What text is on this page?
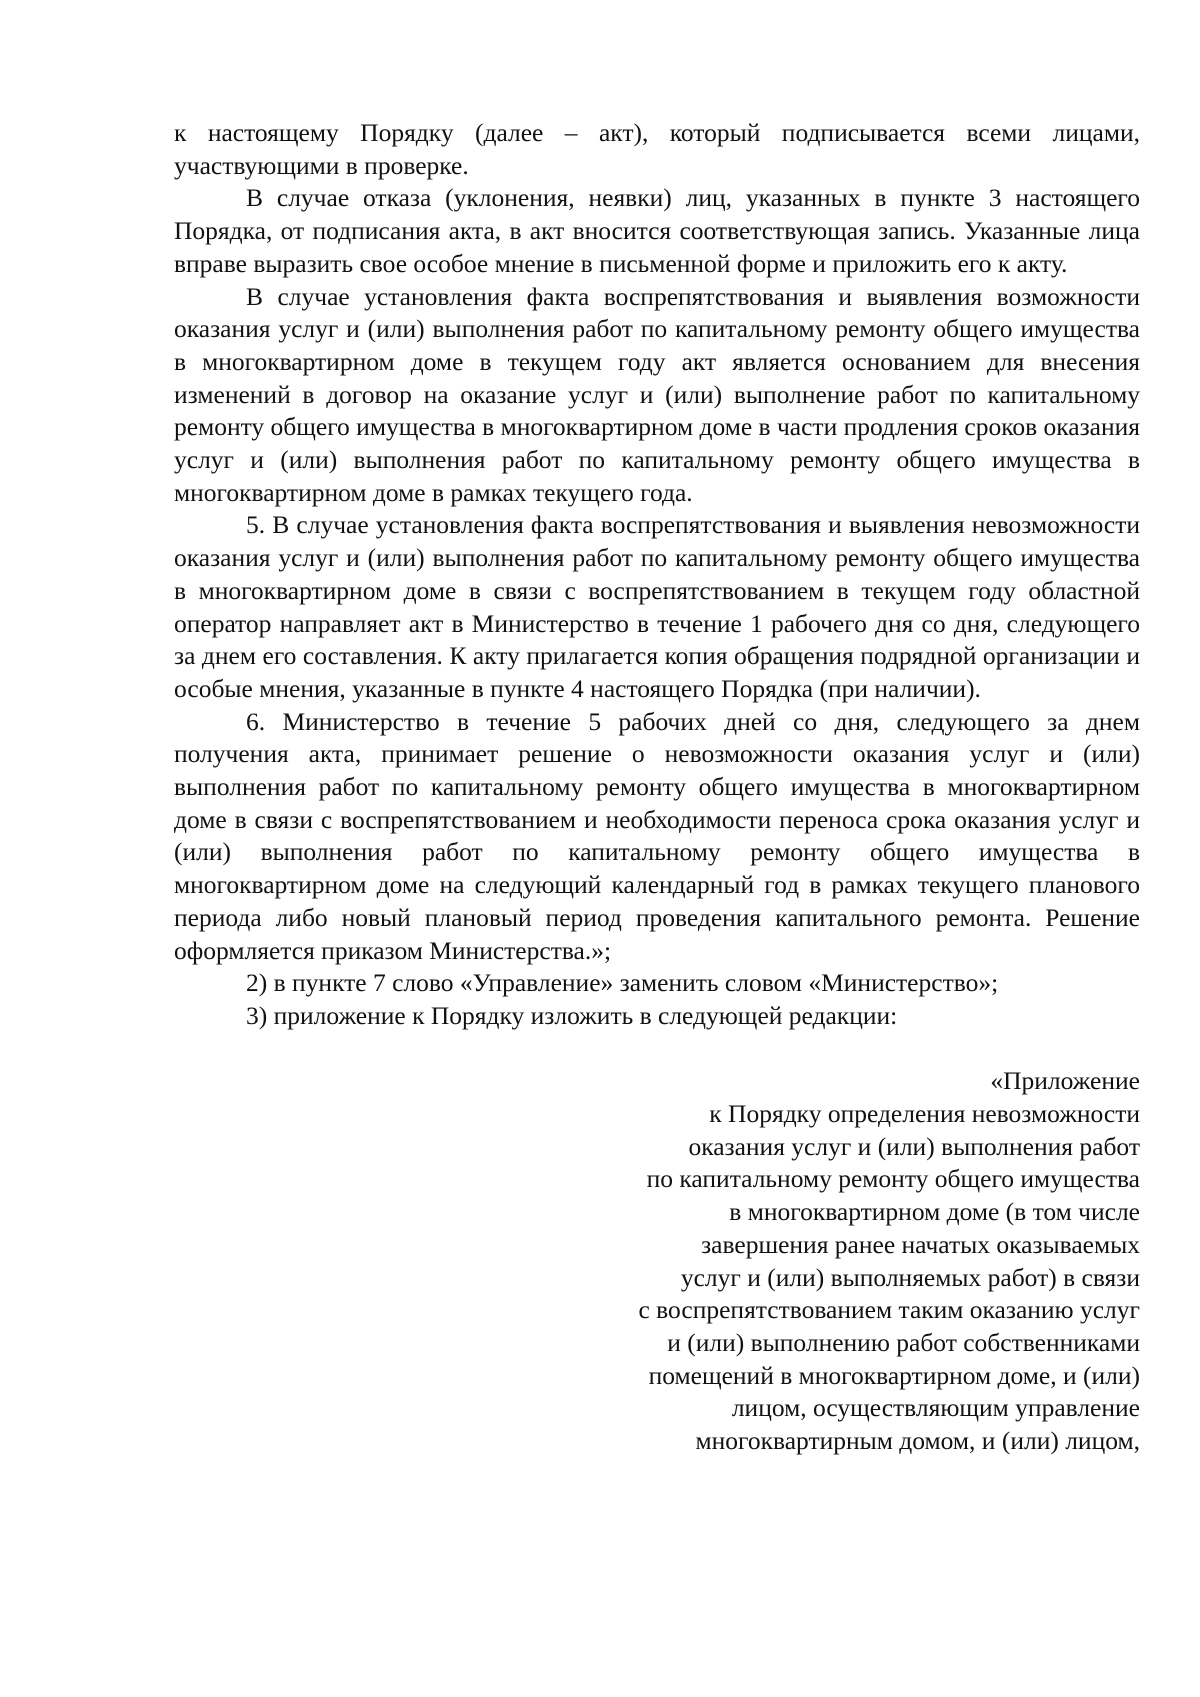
к настоящему Порядку (далее – акт), который подписывается всеми лицами, участвующими в проверке.

В случае отказа (уклонения, неявки) лиц, указанных в пункте 3 настоящего Порядка, от подписания акта, в акт вносится соответствующая запись. Указанные лица вправе выразить свое особое мнение в письменной форме и приложить его к акту.

В случае установления факта воспрепятствования и выявления возможности оказания услуг и (или) выполнения работ по капитальному ремонту общего имущества в многоквартирном доме в текущем году акт является основанием для внесения изменений в договор на оказание услуг и (или) выполнение работ по капитальному ремонту общего имущества в многоквартирном доме в части продления сроков оказания услуг и (или) выполнения работ по капитальному ремонту общего имущества в многоквартирном доме в рамках текущего года.

5. В случае установления факта воспрепятствования и выявления невозможности оказания услуг и (или) выполнения работ по капитальному ремонту общего имущества в многоквартирном доме в связи с воспрепятствованием в текущем году областной оператор направляет акт в Министерство в течение 1 рабочего дня со дня, следующего за днем его составления. К акту прилагается копия обращения подрядной организации и особые мнения, указанные в пункте 4 настоящего Порядка (при наличии).

6. Министерство в течение 5 рабочих дней со дня, следующего за днем получения акта, принимает решение о невозможности оказания услуг и (или) выполнения работ по капитальному ремонту общего имущества в многоквартирном доме в связи с воспрепятствованием и необходимости переноса срока оказания услуг и (или) выполнения работ по капитальному ремонту общего имущества в многоквартирном доме на следующий календарный год в рамках текущего планового периода либо новый плановый период проведения капитального ремонта. Решение оформляется приказом Министерства.»;

2) в пункте 7 слово «Управление» заменить словом «Министерство»;

3) приложение к Порядку изложить в следующей редакции:

«Приложение
к Порядку определения невозможности
оказания услуг и (или) выполнения работ
по капитальному ремонту общего имущества
в многоквартирном доме (в том числе
завершения ранее начатых оказываемых
услуг и (или) выполняемых работ) в связи
с воспрепятствованием таким оказанию услуг
и (или) выполнению работ собственниками
помещений в многоквартирном доме, и (или)
лицом, осуществляющим управление
многоквартирным домом, и (или) лицом,
